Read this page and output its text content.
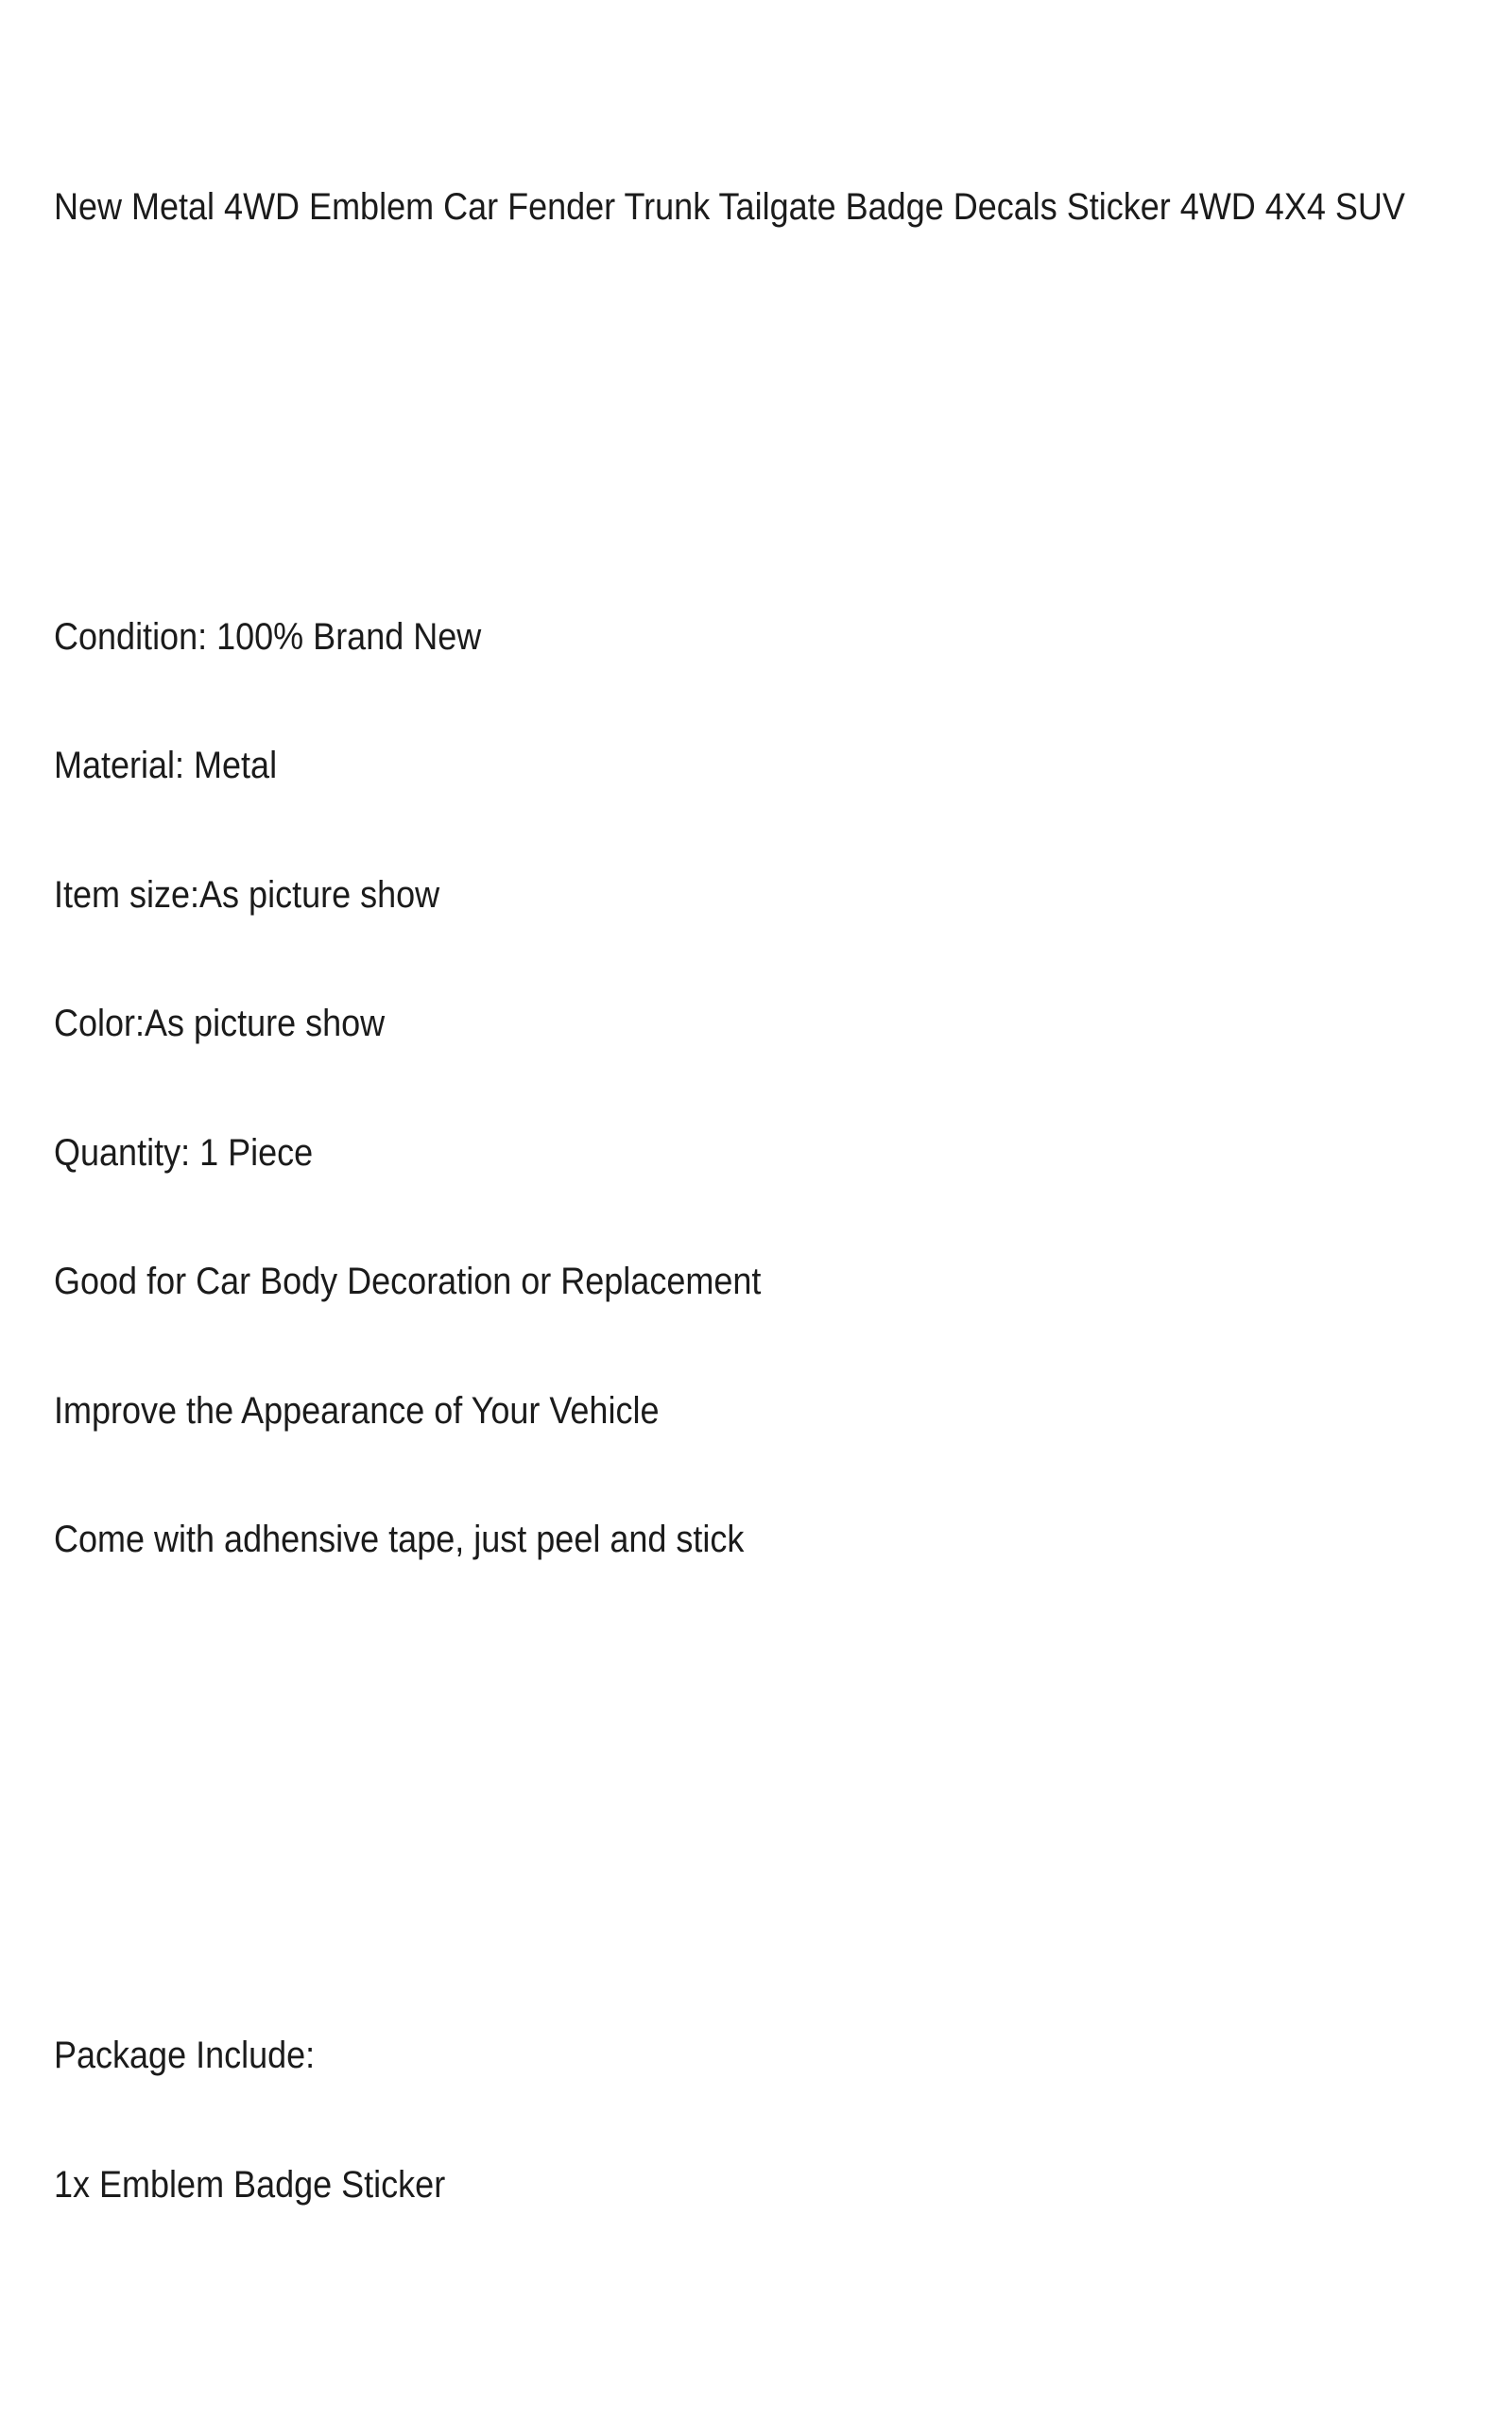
New Metal 4WD Emblem Car Fender Trunk Tailgate Badge Decals Sticker 4WD 4X4 SUV

Condition: 100% Brand New

Material: Metal

Item size:As picture show

Color:As picture show

Quantity: 1 Piece

Good for Car Body Decoration or Replacement

Improve the Appearance of Your Vehicle

Come with adhensive tape, just peel and stick

Package Include:

1x Emblem Badge Sticker
